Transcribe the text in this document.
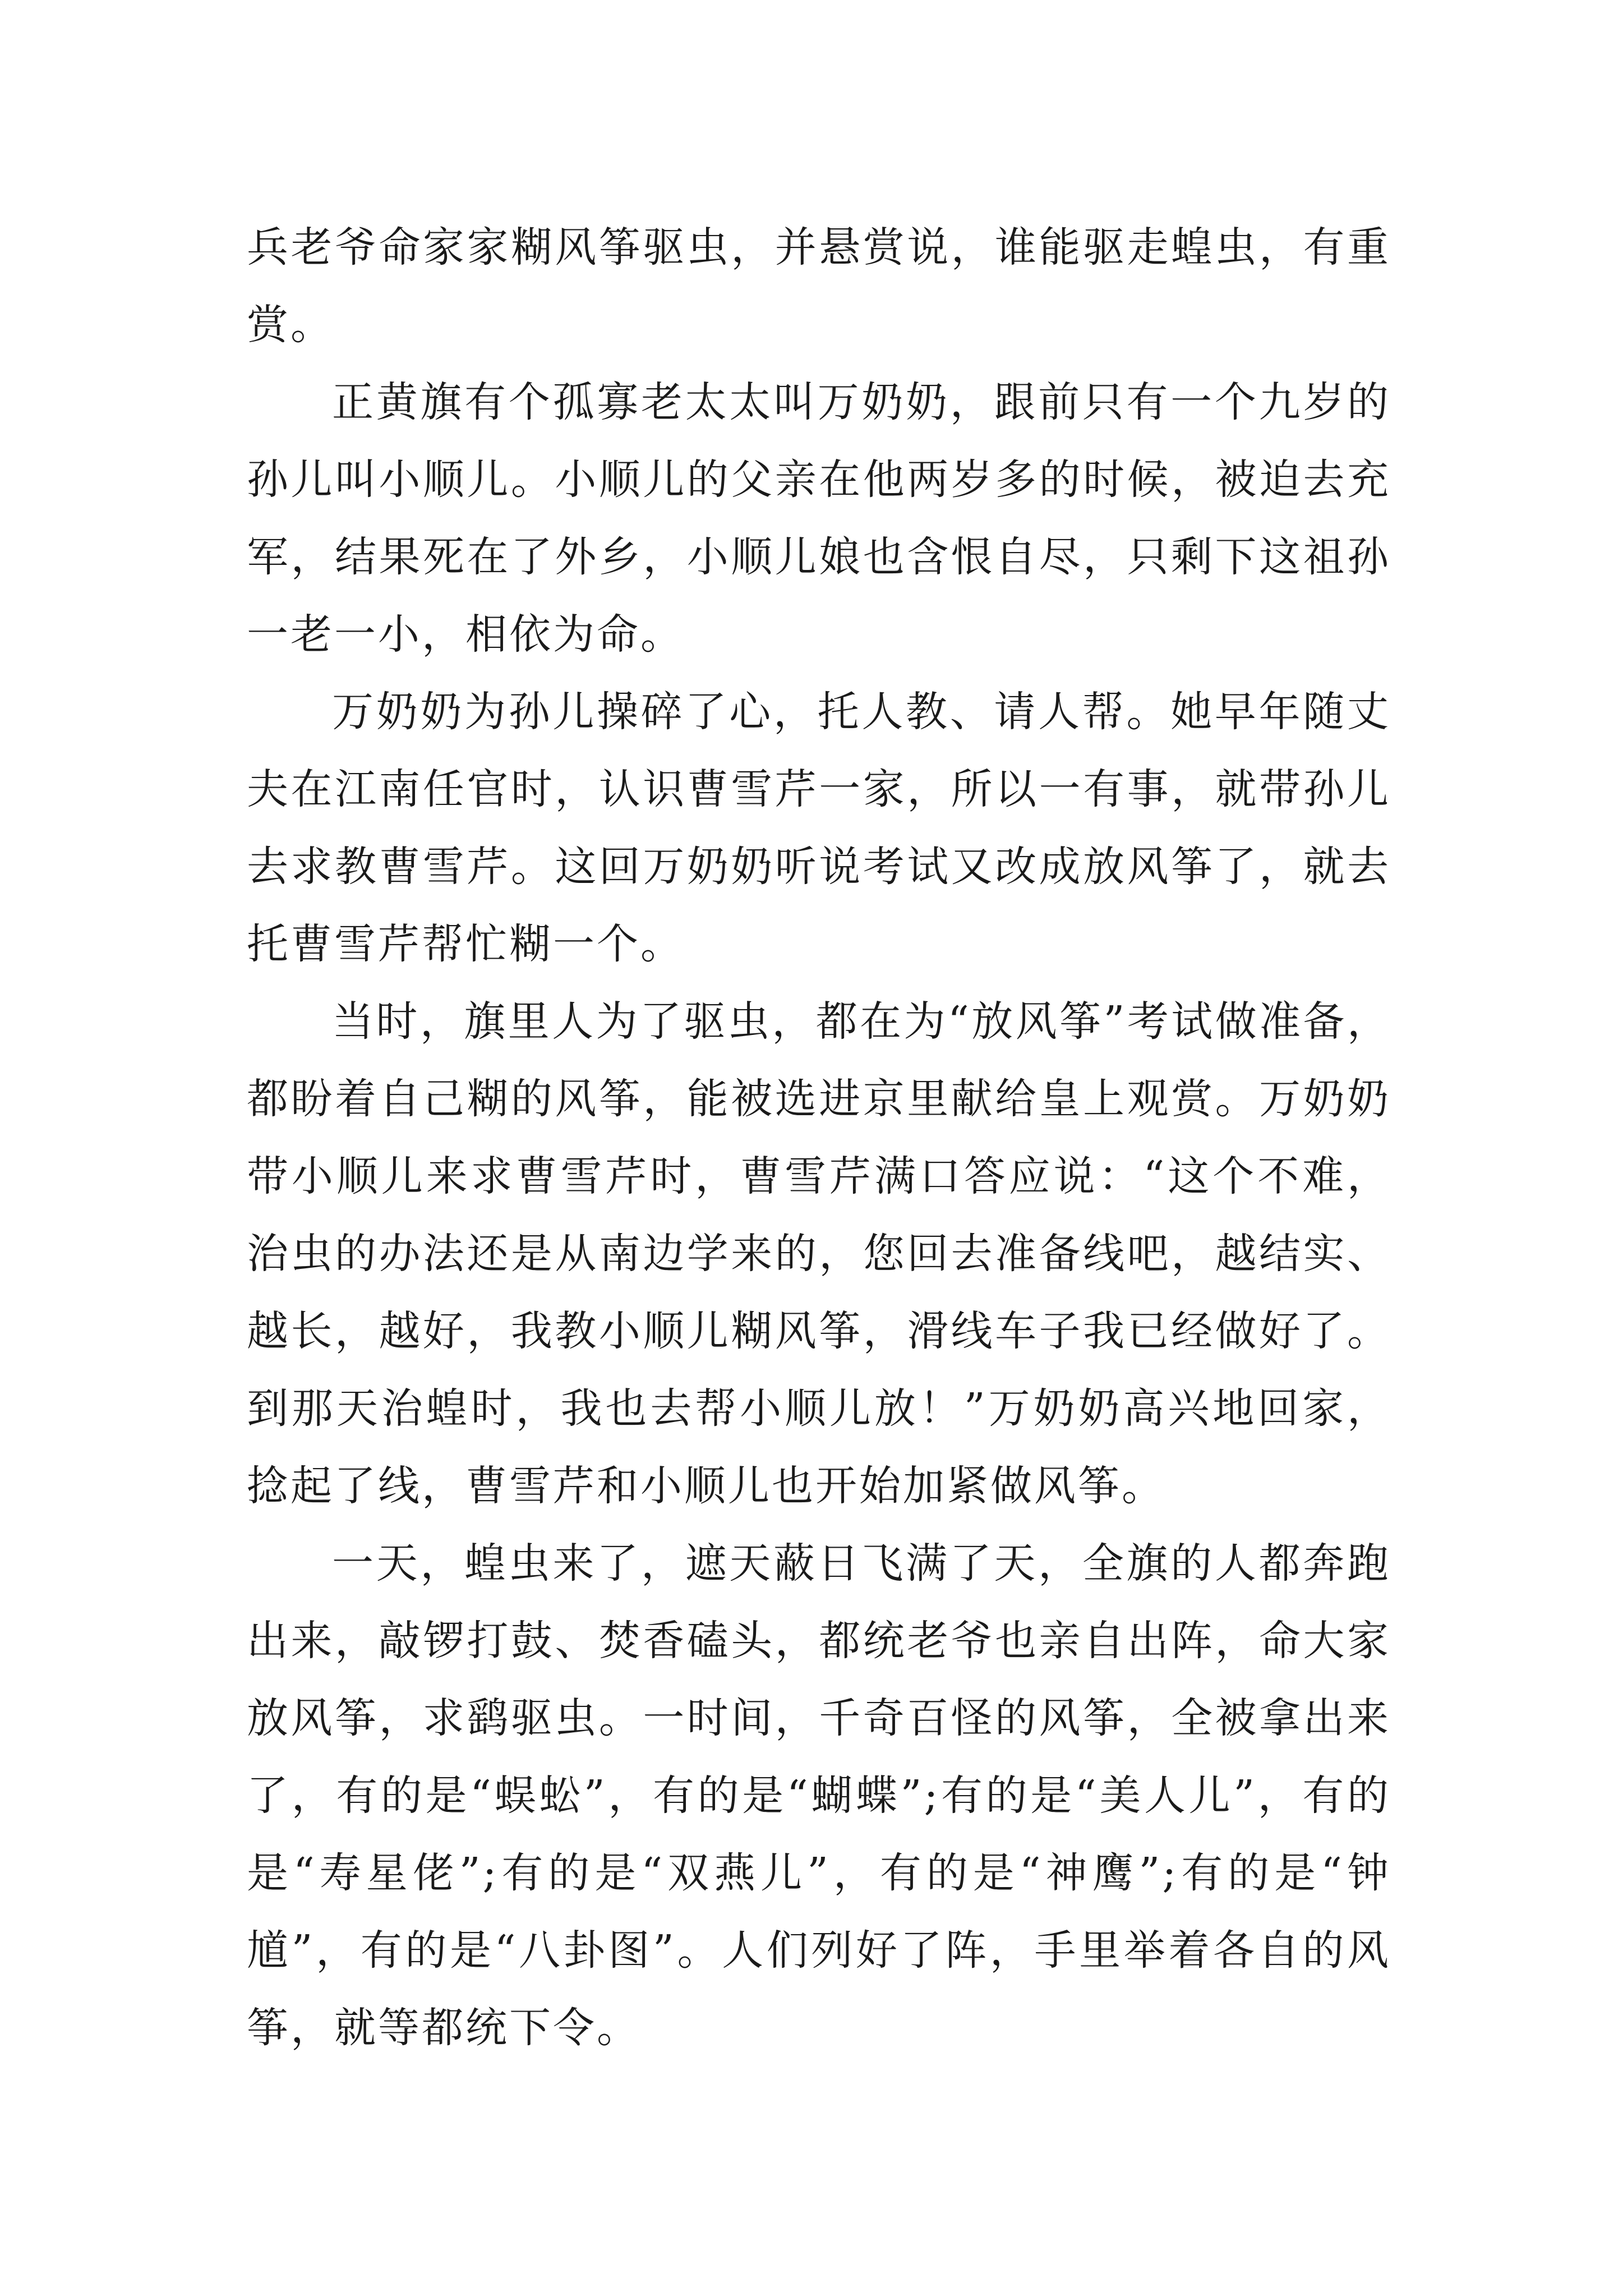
兵老爷命家家糊风筝驱虫，并悬赏说，谁能驱走蝗虫，有重赏。

正黄旗有个孤寡老太太叫万奶奶，跟前只有一个九岁的孙儿叫小顺儿。小顺儿的父亲在他两岁多的时候，被迫去充军，结果死在了外乡，小顺儿娘也含恨自尽，只剩下这祖孙一老一小，相依为命。

万奶奶为孙儿操碎了心，托人教、请人帮。她早年随丈夫在江南任官时，认识曹雪芹一家，所以一有事，就带孙儿去求教曹雪芹。这回万奶奶听说考试又改成放风筝了，就去托曹雪芹帮忙糊一个。

当时，旗里人为了驱虫，都在为“放风筝”考试做准备，都盼着自己糊的风筝，能被选进京里献给皇上观赏。万奶奶带小顺儿来求曹雪芹时，曹雪芹满口答应说：“这个不难，治虫的办法还是从南边学来的，您回去准备线吧，越结实、越长，越好，我教小顺儿糊风筝，滑线车子我已经做好了。到那天治蝗时，我也去帮小顺儿放！”万奶奶高兴地回家，捻起了线，曹雪芹和小顺儿也开始加紧做风筝。

一天，蝗虫来了，遮天蔽日飞满了天，全旗的人都奔跑出来，敲锣打鼓、焚香磕头，都统老爷也亲自出阵，命大家放风筝，求鹞驱虫。一时间，千奇百怪的风筝，全被拿出来了，有的是“蜈蚣”，有的是“蝴蝶”;有的是“美人儿”，有的是“寿星佬”;有的是“双燕儿”，有的是“神鹰”;有的是“钟馗”，有的是“八卦图”。人们列好了阵，手里举着各自的风筝，就等都统下令。
